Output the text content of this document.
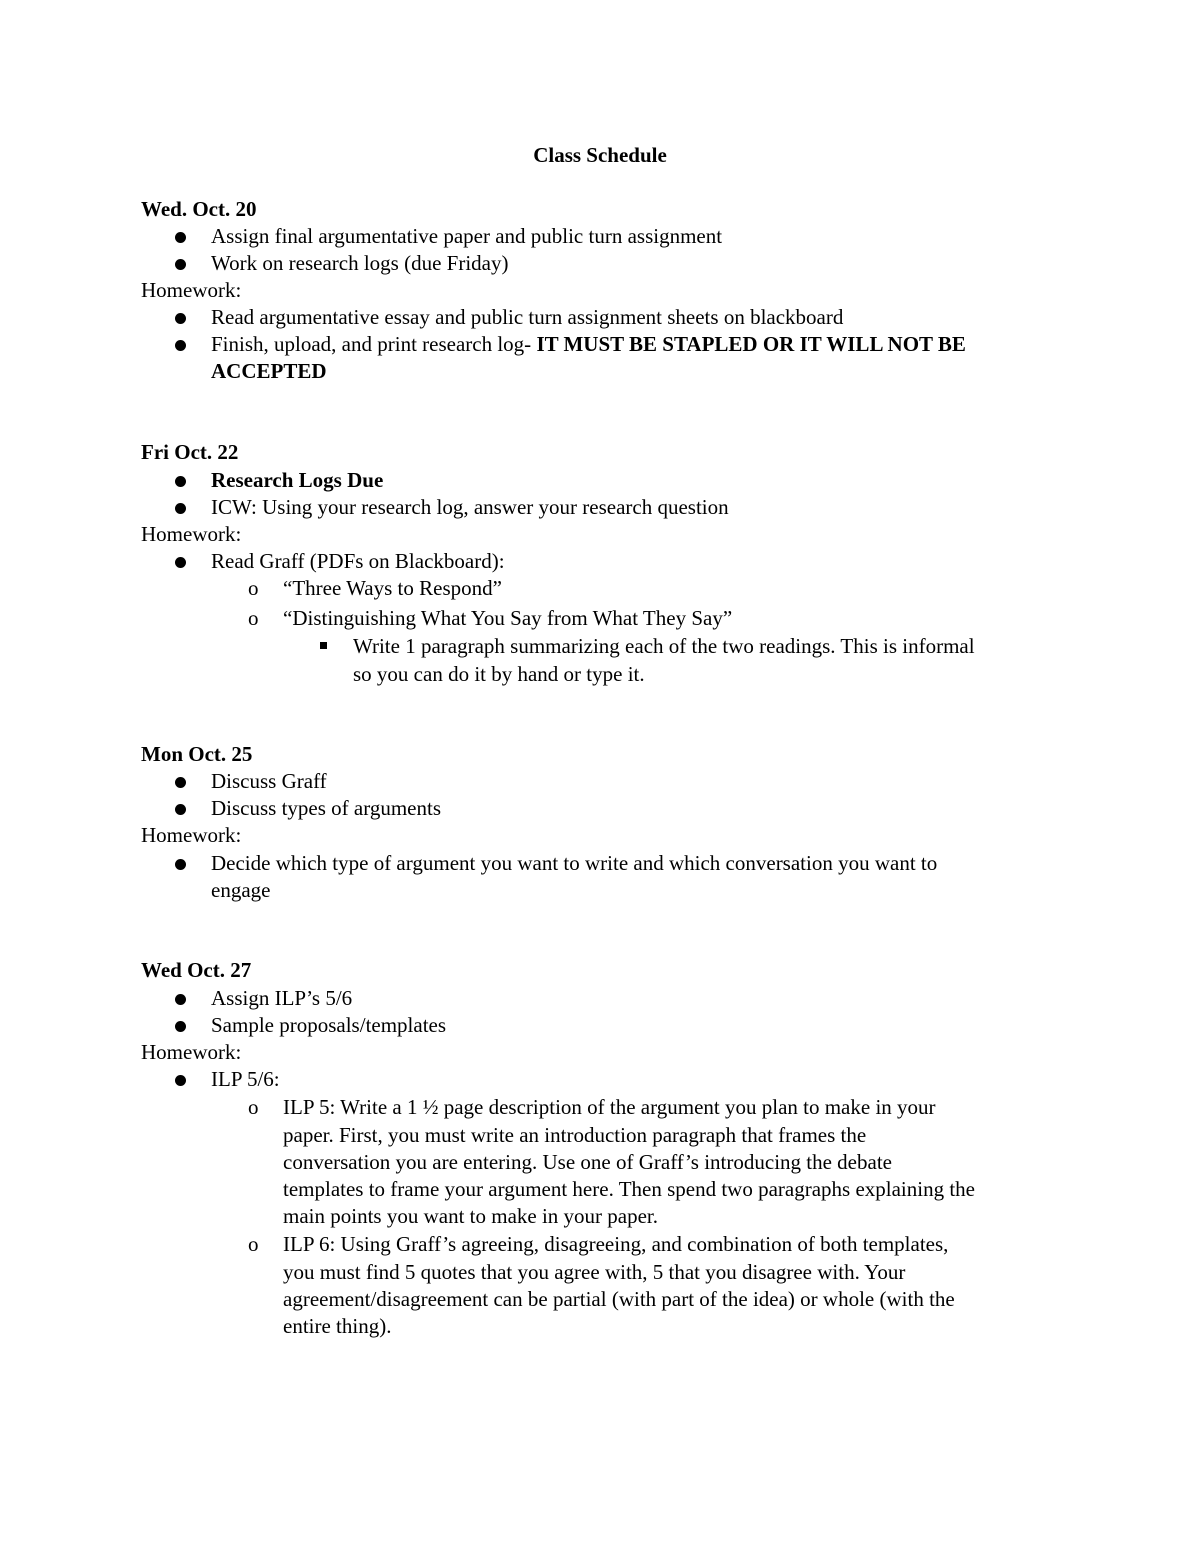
Class Schedule
Wed. Oct. 20
Assign final argumentative paper and public turn assignment
Work on research logs (due Friday)
Homework:
Read argumentative essay and public turn assignment sheets on blackboard
Finish, upload, and print research log- IT MUST BE STAPLED OR IT WILL NOT BE
ACCEPTED
Fri Oct. 22
Research Logs Due
ICW: Using your research log, answer your research question
Homework:
Read Graff (PDFs on Blackboard):
o “Three Ways to Respond”
o “Distinguishing What You Say from What They Say”
Write 1 paragraph summarizing each of the two readings. This is informal
so you can do it by hand or type it.
Mon Oct. 25
Discuss Graff
Discuss types of arguments
Homework:
Decide which type of argument you want to write and which conversation you want to
engage
Wed Oct. 27
Assign ILP’s 5/6
Sample proposals/templates
Homework:
ILP 5/6:
o ILP 5: Write a 1 ½ page description of the argument you plan to make in your
paper. First, you must write an introduction paragraph that frames the
conversation you are entering. Use one of Graff’s introducing the debate
templates to frame your argument here. Then spend two paragraphs explaining the
main points you want to make in your paper.
o ILP 6: Using Graff’s agreeing, disagreeing, and combination of both templates,
you must find 5 quotes that you agree with, 5 that you disagree with. Your
agreement/disagreement can be partial (with part of the idea) or whole (with the
entire thing).
